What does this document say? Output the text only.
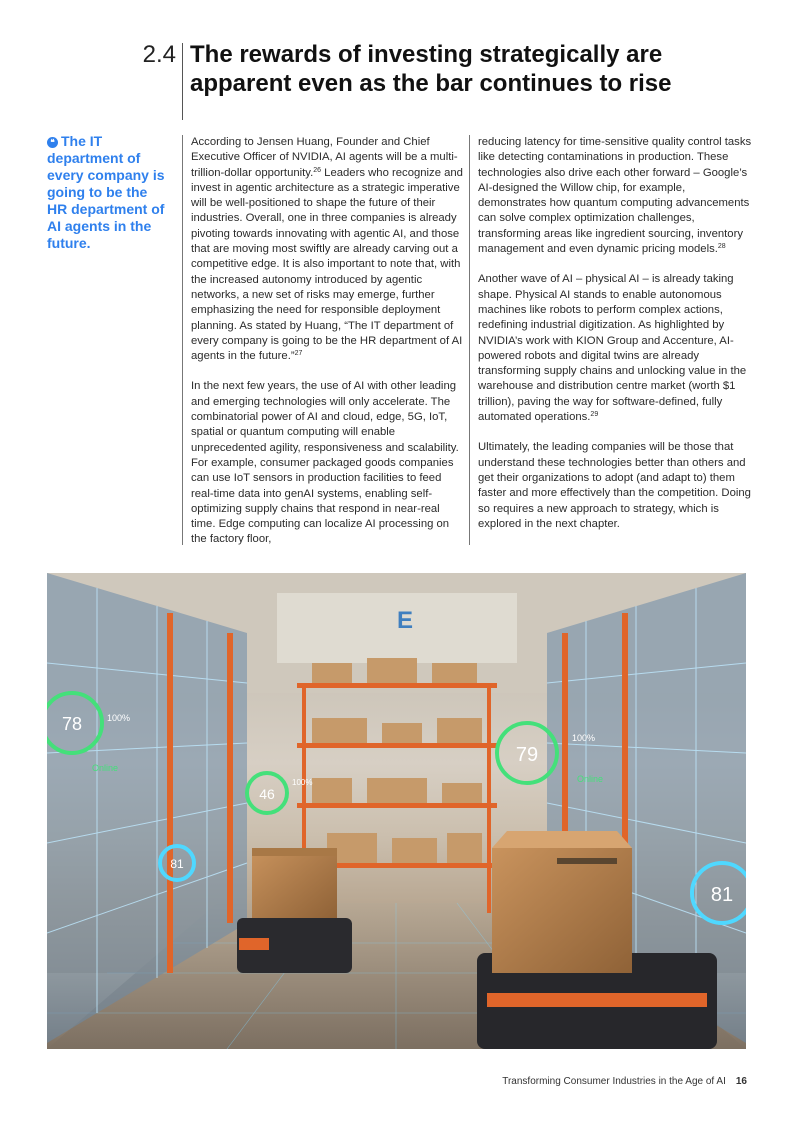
2.4 The rewards of investing strategically are apparent even as the bar continues to rise
❝ The IT department of every company is going to be the HR department of AI agents in the future.

According to Jensen Huang, Founder and Chief Executive Officer of NVIDIA, AI agents will be a multi-trillion-dollar opportunity.$^{26}$ Leaders who recognize and invest in agentic architecture as a strategic imperative will be well-positioned to shape the future of their industries. Overall, one in three companies is already pivoting towards innovating with agentic AI, and those that are moving most swiftly are already carving out a competitive edge. It is also important to note that, with the increased autonomy introduced by agentic networks, a new set of risks may emerge, further emphasizing the need for responsible deployment planning. As stated by Huang, “The IT department of every company is going to be the HR department of AI agents in the future.”$^{27}$

In the next few years, the use of AI with other leading and emerging technologies will only accelerate. The combinatorial power of AI and cloud, edge, 5G, IoT, spatial or quantum computing will enable unprecedented agility, responsiveness and scalability. For example, consumer packaged goods companies can use IoT sensors in production facilities to feed real-time data into genAI systems, enabling self-optimizing supply chains that respond in near-real time. Edge computing can localize AI processing on the factory floor,

reducing latency for time-sensitive quality control tasks like detecting contaminations in production. These technologies also drive each other forward – Google’s AI-designed the Willow chip, for example, demonstrates how quantum computing advancements can solve complex optimization challenges, transforming areas like ingredient sourcing, inventory management and even dynamic pricing models.$^{28}$

Another wave of AI – physical AI – is already taking shape. Physical AI stands to enable autonomous machines like robots to perform complex actions, redefining industrial digitization. As highlighted by NVIDIA’s work with KION Group and Accenture, AI-powered robots and digital twins are already transforming supply chains and unlocking value in the warehouse and distribution centre market (worth $1 trillion), paving the way for software-defined, fully automated operations.$^{29}$

Ultimately, the leading companies will be those that understand these technologies better than others and get their organizations to adopt (and adapt to) them faster and more effectively than the competition. Doing so requires a new approach to strategy, which is explored in the next chapter.

E
78	100%
Online
46
100%
81
79
100%
Online
81
Transforming Consumer Industries in the Age of AI 16
